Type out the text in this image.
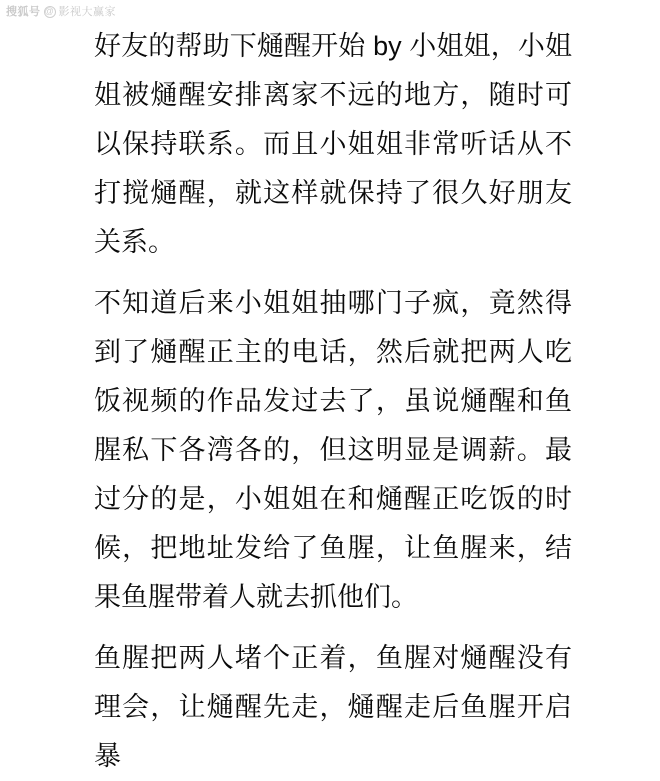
搜狐号 @ 影视大赢家

好友的帮助下熥醒开始 by 小姐姐，小姐姐被熥醒安排离家不远的地方，随时可以保持联系。而且小姐姐非常听话从不打搅熥醒，就这样就保持了很久好朋友关系。

不知道后来小姐姐抽哪门子疯，竟然得到了熥醒正主的电话，然后就把两人吃饭视频的作品发过去了，虽说熥醒和鱼腥私下各湾各的，但这明显是调薪。最过分的是，小姐姐在和熥醒正吃饭的时候，把地址发给了鱼腥，让鱼腥来，结果鱼腥带着人就去抓他们。

鱼腥把两人堵个正着，鱼腥对熥醒没有理会，让熥醒先走，熥醒走后鱼腥开启暴
